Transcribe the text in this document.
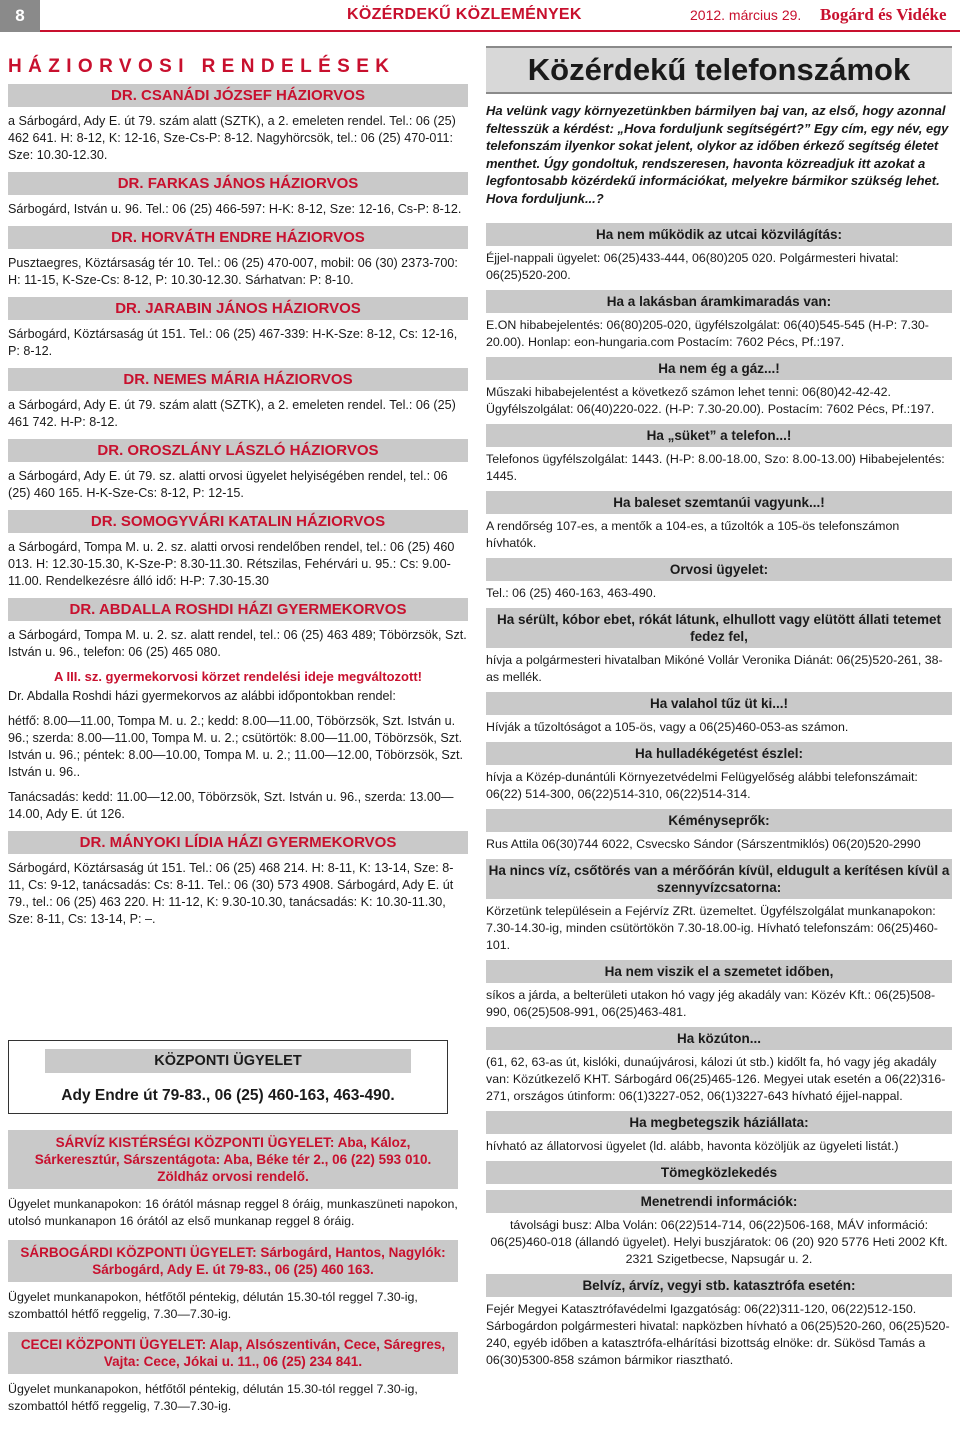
8	KÖZÉRDEKŰ KÖZLEMÉNYEK	2012. március 29. Bogárd és Vidéke
HÁZIORVOSI RENDELÉSEK
DR. CSANÁDI JÓZSEF HÁZIORVOS
a Sárbogárd, Ady E. út 79. szám alatt (SZTK), a 2. emeleten rendel. Tel.: 06 (25) 462 641. H: 8-12, K: 12-16, Sze-Cs-P: 8-12. Nagyhörcsök, tel.: 06 (25) 470-011: Sze: 10.30-12.30.
DR. FARKAS JÁNOS HÁZIORVOS
Sárbogárd, István u. 96. Tel.: 06 (25) 466-597: H-K: 8-12, Sze: 12-16, Cs-P: 8-12.
DR. HORVÁTH ENDRE HÁZIORVOS
Pusztaegres, Köztársaság tér 10. Tel.: 06 (25) 470-007, mobil: 06 (30) 2373-700: H: 11-15, K-Sze-Cs: 8-12, P: 10.30-12.30. Sárhatvan: P: 8-10.
DR. JARABIN JÁNOS HÁZIORVOS
Sárbogárd, Köztársaság út 151. Tel.: 06 (25) 467-339: H-K-Sze: 8-12, Cs: 12-16, P: 8-12.
DR. NEMES MÁRIA HÁZIORVOS
a Sárbogárd, Ady E. út 79. szám alatt (SZTK), a 2. emeleten rendel. Tel.: 06 (25) 461 742. H-P: 8-12.
DR. OROSZLÁNY LÁSZLÓ HÁZIORVOS
a Sárbogárd, Ady E. út 79. sz. alatti orvosi ügyelet helyiségében rendel, tel.: 06 (25) 460 165. H-K-Sze-Cs: 8-12, P: 12-15.
DR. SOMOGYVÁRI KATALIN HÁZIORVOS
a Sárbogárd, Tompa M. u. 2. sz. alatti orvosi rendelőben rendel, tel.: 06 (25) 460 013. H: 12.30-15.30, K-Sze-P: 8.30-11.30. Rétszilas, Fehérvári u. 95.: Cs: 9.00-11.00. Rendelkezésre álló idő: H-P: 7.30-15.30
DR. ABDALLA ROSHDI HÁZI GYERMEKORVOS
a Sárbogárd, Tompa M. u. 2. sz. alatt rendel, tel.: 06 (25) 463 489; Töbörzsök, Szt. István u. 96., telefon: 06 (25) 465 080.
A III. sz. gyermekorvosi körzet rendelési ideje megváltozott!
Dr. Abdalla Roshdi házi gyermekorvos az alábbi időpontokban rendel:
hétfő: 8.00—11.00, Tompa M. u. 2.; kedd: 8.00—11.00, Töbörzsök, Szt. István u. 96.; szerda: 8.00—11.00, Tompa M. u. 2.; csütörtök: 8.00—11.00, Töbörzsök, Szt. István u. 96.; péntek: 8.00—10.00, Tompa M. u. 2.; 11.00—12.00, Töbörzsök, Szt. István u. 96..
Tanácsadás: kedd: 11.00—12.00, Töbörzsök, Szt. István u. 96., szerda: 13.00—14.00, Ady E. út 126.
DR. MÁNYOKI LÍDIA HÁZI GYERMEKORVOS
Sárbogárd, Köztársaság út 151. Tel.: 06 (25) 468 214. H: 8-11, K: 13-14, Sze: 8-11, Cs: 9-12, tanácsadás: Cs: 8-11. Tel.: 06 (30) 573 4908. Sárbogárd, Ady E. út 79., tel.: 06 (25) 463 220. H: 11-12, K: 9.30-10.30, tanácsadás: K: 10.30-11.30, Sze: 8-11, Cs: 13-14, P: –.
KÖZPONTI ÜGYELET
Ady Endre út 79-83., 06 (25) 460-163, 463-490.
SÁRVÍZ KISTÉRSÉGI KÖZPONTI ÜGYELET: Aba, Káloz, Sárkeresztúr, Sárszentágota: Aba, Béke tér 2., 06 (22) 593 010. Zöldház orvosi rendelő.
Ügyelet munkanapokon: 16 órától másnap reggel 8 óráig, munkaszüneti napokon, utolsó munkanapon 16 órától az első munkanap reggel 8 óráig.
SÁRBOGÁRDI KÖZPONTI ÜGYELET: Sárbogárd, Hantos, Nagylók: Sárbogárd, Ady E. út 79-83., 06 (25) 460 163.
Ügyelet munkanapokon, hétfőtől péntekig, délután 15.30-tól reggel 7.30-ig, szombattól hétfő reggelig, 7.30—7.30-ig.
CECEI KÖZPONTI ÜGYELET: Alap, Alsószentiván, Cece, Sáregres, Vajta: Cece, Jókai u. 11., 06 (25) 234 841.
Ügyelet munkanapokon, hétfőtől péntekig, délután 15.30-tól reggel 7.30-ig, szombattól hétfő reggelig, 7.30—7.30-ig.
Közérdekű telefonszámok
Ha velünk vagy környezetünkben bármilyen baj van, az első, hogy azonnal feltesszük a kérdést: „Hova forduljunk segítségért?” Egy cím, egy név, egy telefonszám ilyenkor sokat jelent, olykor az időben érkező segítség életet menthet. Úgy gondoltuk, rendszeresen, havonta közreadjuk itt azokat a legfontosabb közérdekű információkat, melyekre bármikor szükség lehet. Hova forduljunk...?
Ha nem működik az utcai közvilágítás:
Éjjel-nappali ügyelet: 06(25)433-444, 06(80)205 020. Polgármesteri hivatal: 06(25)520-200.
Ha a lakásban áramkimaradás van:
E.ON hibabejelentés: 06(80)205-020, ügyfélszolgálat: 06(40)545-545 (H-P: 7.30-20.00). Honlap: eon-hungaria.com Postacím: 7602 Pécs, Pf.:197.
Ha nem ég a gáz...!
Műszaki hibabejelentést a következő számon lehet tenni: 06(80)42-42-42. Ügyfélszolgálat: 06(40)220-022. (H-P: 7.30-20.00). Postacím: 7602 Pécs, Pf.:197.
Ha „süket” a telefon...!
Telefonos ügyfélszolgálat: 1443. (H-P: 8.00-18.00, Szo: 8.00-13.00) Hibabejelentés: 1445.
Ha baleset szemtanúi vagyunk...!
A rendőrség 107-es, a mentők a 104-es, a tűzoltók a 105-ös telefonszámon hívhatók.
Orvosi ügyelet:
Tel.: 06 (25) 460-163, 463-490.
Ha sérült, kóbor ebet, rókát látunk, elhullott vagy elütött állati tetemet fedez fel,
hívja a polgármesteri hivatalban Mikóné Vollár Veronika Diánát: 06(25)520-261, 38-as mellék.
Ha valahol tűz üt ki...!
Hívják a tűzoltóságot a 105-ös, vagy a 06(25)460-053-as számon.
Ha hulladékégetést észlel:
hívja a Közép-dunántúli Környezetvédelmi Felügyelőség alábbi telefonszámait: 06(22) 514-300, 06(22)514-310, 06(22)514-314.
Kéményseprők:
Rus Attila 06(30)744 6022, Csvecsko Sándor (Sárszentmiklós) 06(20)520-2990
Ha nincs víz, csőtörés van a mérőórán kívül, eldugult a kerítésen kívül a szennyvízcsatorna:
Körzetünk településein a Fejérvíz ZRt. üzemeltet. Ügyfélszolgálat munkanapokon: 7.30-14.30-ig, minden csütörtökön 7.30-18.00-ig. Hívható telefonszám: 06(25)460-101.
Ha nem viszik el a szemetet időben,
síkos a járda, a belterületi utakon hó vagy jég akadály van: Közév Kft.: 06(25)508-990, 06(25)508-991, 06(25)463-481.
Ha közúton...
(61, 62, 63-as út, kislóki, dunaújvárosi, kálozi út stb.) kidőlt fa, hó vagy jég akadály van: Közútkezelő KHT. Sárbogárd 06(25)465-126. Megyei utak esetén a 06(22)316-271, országos útinform: 06(1)3227-052, 06(1)3227-643 hívható éjjel-nappal.
Ha megbetegszik háziállata:
hívható az állatorvosi ügyelet (ld. alább, havonta közöljük az ügyeleti listát.)
Tömegközlekedés
Menetrendi információk:
távolsági busz: Alba Volán: 06(22)514-714, 06(22)506-168, MÁV információ: 06(25)460-018 (állandó ügyelet). Helyi buszjáratok: 06 (20) 920 5776 Heti 2002 Kft. 2321 Szigetbecse, Napsugár u. 2.
Belvíz, árvíz, vegyi stb. katasztrófa esetén:
Fejér Megyei Katasztrófavédelmi Igazgatóság: 06(22)311-120, 06(22)512-150. Sárbogárdon polgármesteri hivatal: napközben hívható a 06(25)520-260, 06(25)520-240, egyéb időben a katasztrófa-elhárítási bizottság elnöke: dr. Sükösd Tamás a 06(30)5300-858 számon bármikor riasztható.
